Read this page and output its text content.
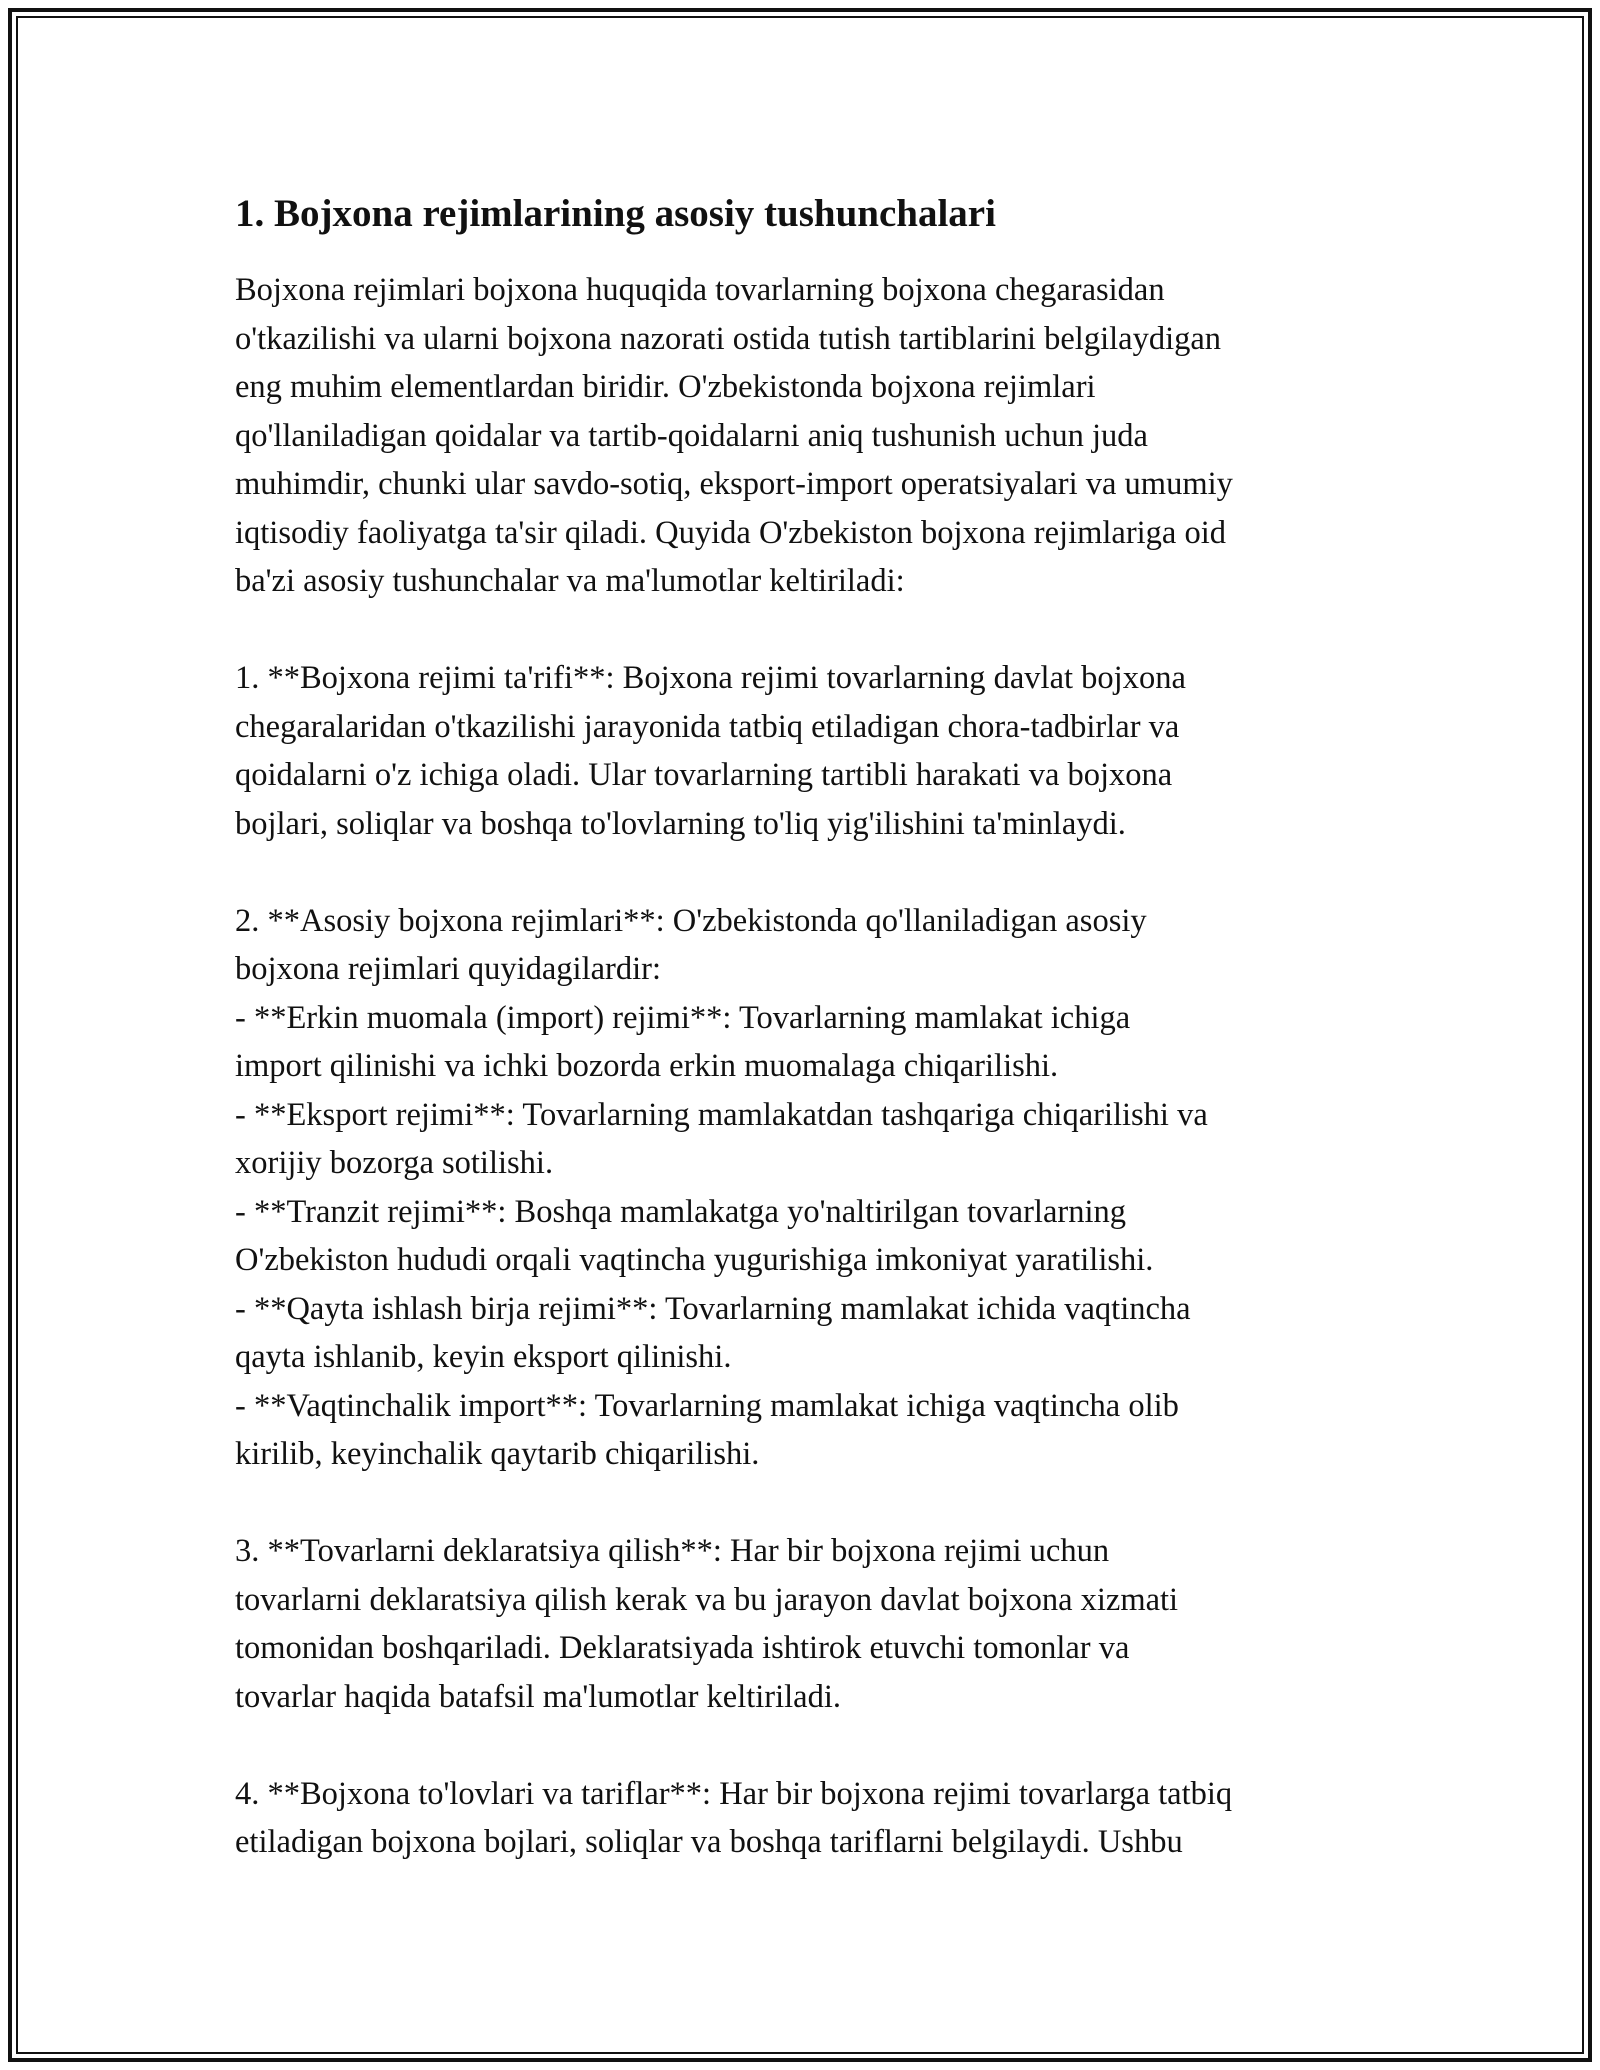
1. Bojxona rejimlarining asosiy tushunchalari

Bojxona rejimlari bojxona huquqida tovarlarning bojxona chegarasidan
o'tkazilishi va ularni bojxona nazorati ostida tutish tartiblarini belgilaydigan
eng muhim elementlardan biridir. O'zbekistonda bojxona rejimlari
qo'llaniladigan qoidalar va tartib-qoidalarni aniq tushunish uchun juda
muhimdir, chunki ular savdo-sotiq, eksport-import operatsiyalari va umumiy
iqtisodiy faoliyatga ta'sir qiladi. Quyida O'zbekiston bojxona rejimlariga oid
ba'zi asosiy tushunchalar va ma'lumotlar keltiriladi:

1. **Bojxona rejimi ta'rifi**: Bojxona rejimi tovarlarning davlat bojxona
chegaralaridan o'tkazilishi jarayonida tatbiq etiladigan chora-tadbirlar va
qoidalarni o'z ichiga oladi. Ular tovarlarning tartibli harakati va bojxona
bojlari, soliqlar va boshqa to'lovlarning to'liq yig'ilishini ta'minlaydi.

2. **Asosiy bojxona rejimlari**: O'zbekistonda qo'llaniladigan asosiy
bojxona rejimlari quyidagilardir:
- **Erkin muomala (import) rejimi**: Tovarlarning mamlakat ichiga
import qilinishi va ichki bozorda erkin muomalaga chiqarilishi.
- **Eksport rejimi**: Tovarlarning mamlakatdan tashqariga chiqarilishi va
xorijiy bozorga sotilishi.
- **Tranzit rejimi**: Boshqa mamlakatga yo'naltirilgan tovarlarning
O'zbekiston hududi orqali vaqtincha yugurishiga imkoniyat yaratilishi.
- **Qayta ishlash birja rejimi**: Tovarlarning mamlakat ichida vaqtincha
qayta ishlanib, keyin eksport qilinishi.
- **Vaqtinchalik import**: Tovarlarning mamlakat ichiga vaqtincha olib
kirilib, keyinchalik qaytarib chiqarilishi.

3. **Tovarlarni deklaratsiya qilish**: Har bir bojxona rejimi uchun
tovarlarni deklaratsiya qilish kerak va bu jarayon davlat bojxona xizmati
tomonidan boshqariladi. Deklaratsiyada ishtirok etuvchi tomonlar va
tovarlar haqida batafsil ma'lumotlar keltiriladi.

4. **Bojxona to'lovlari va tariflar**: Har bir bojxona rejimi tovarlarga tatbiq
etiladigan bojxona bojlari, soliqlar va boshqa tariflarni belgilaydi. Ushbu
